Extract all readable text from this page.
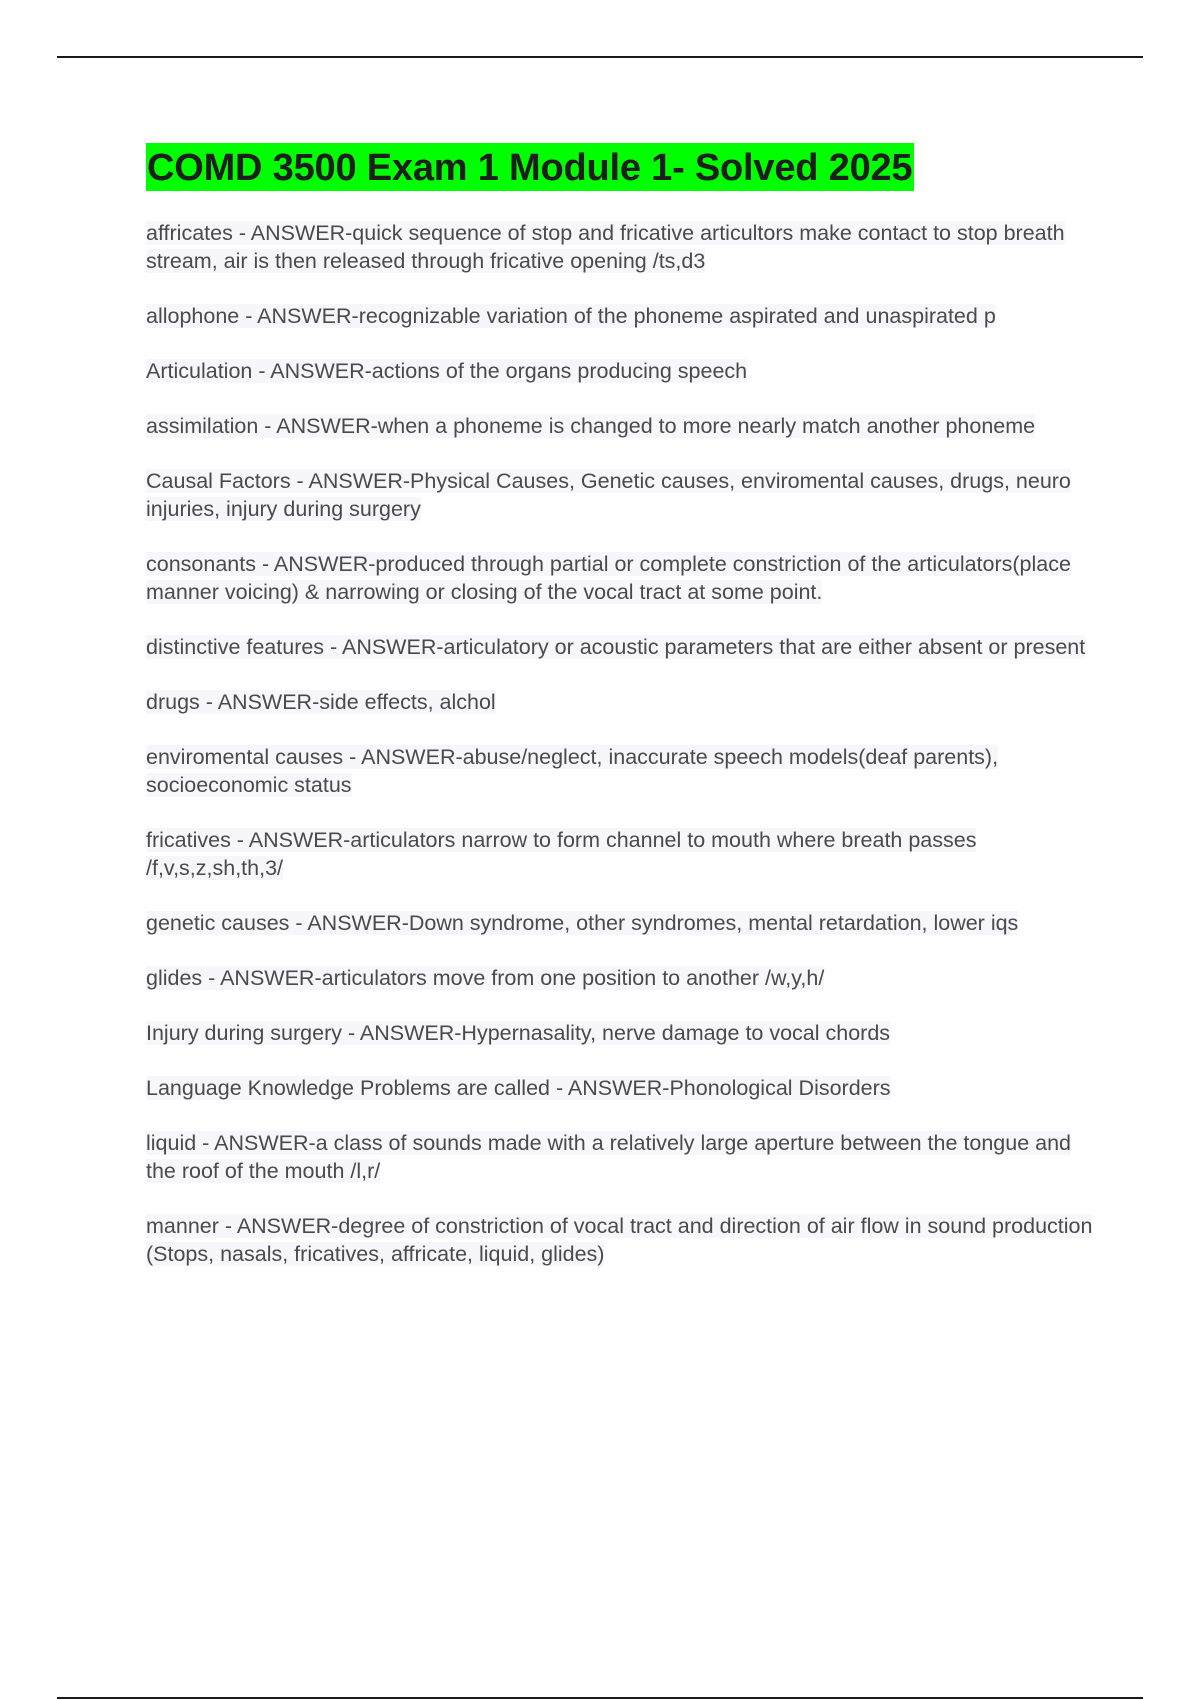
COMD 3500 Exam 1 Module 1- Solved 2025
affricates - ANSWER-quick sequence of stop and fricative articultors make contact to stop breath stream, air is then released through fricative opening /ts,d3
allophone - ANSWER-recognizable variation of the phoneme aspirated and unaspirated p
Articulation - ANSWER-actions of the organs producing speech
assimilation - ANSWER-when a phoneme is changed to more nearly match another phoneme
Causal Factors - ANSWER-Physical Causes, Genetic causes, enviromental causes, drugs, neuro injuries, injury during surgery
consonants - ANSWER-produced through partial or complete constriction of the articulators(place manner voicing) & narrowing or closing of the vocal tract at some point.
distinctive features - ANSWER-articulatory or acoustic parameters that are either absent or present
drugs - ANSWER-side effects, alchol
enviromental causes - ANSWER-abuse/neglect, inaccurate speech models(deaf parents), socioeconomic status
fricatives - ANSWER-articulators narrow to form channel to mouth where breath passes /f,v,s,z,sh,th,3/
genetic causes - ANSWER-Down syndrome, other syndromes, mental retardation, lower iqs
glides - ANSWER-articulators move from one position to another /w,y,h/
Injury during surgery - ANSWER-Hypernasality, nerve damage to vocal chords
Language Knowledge Problems are called - ANSWER-Phonological Disorders
liquid - ANSWER-a class of sounds made with a relatively large aperture between the tongue and the roof of the mouth /l,r/
manner - ANSWER-degree of constriction of vocal tract and direction of air flow in sound production (Stops, nasals, fricatives, affricate, liquid, glides)
